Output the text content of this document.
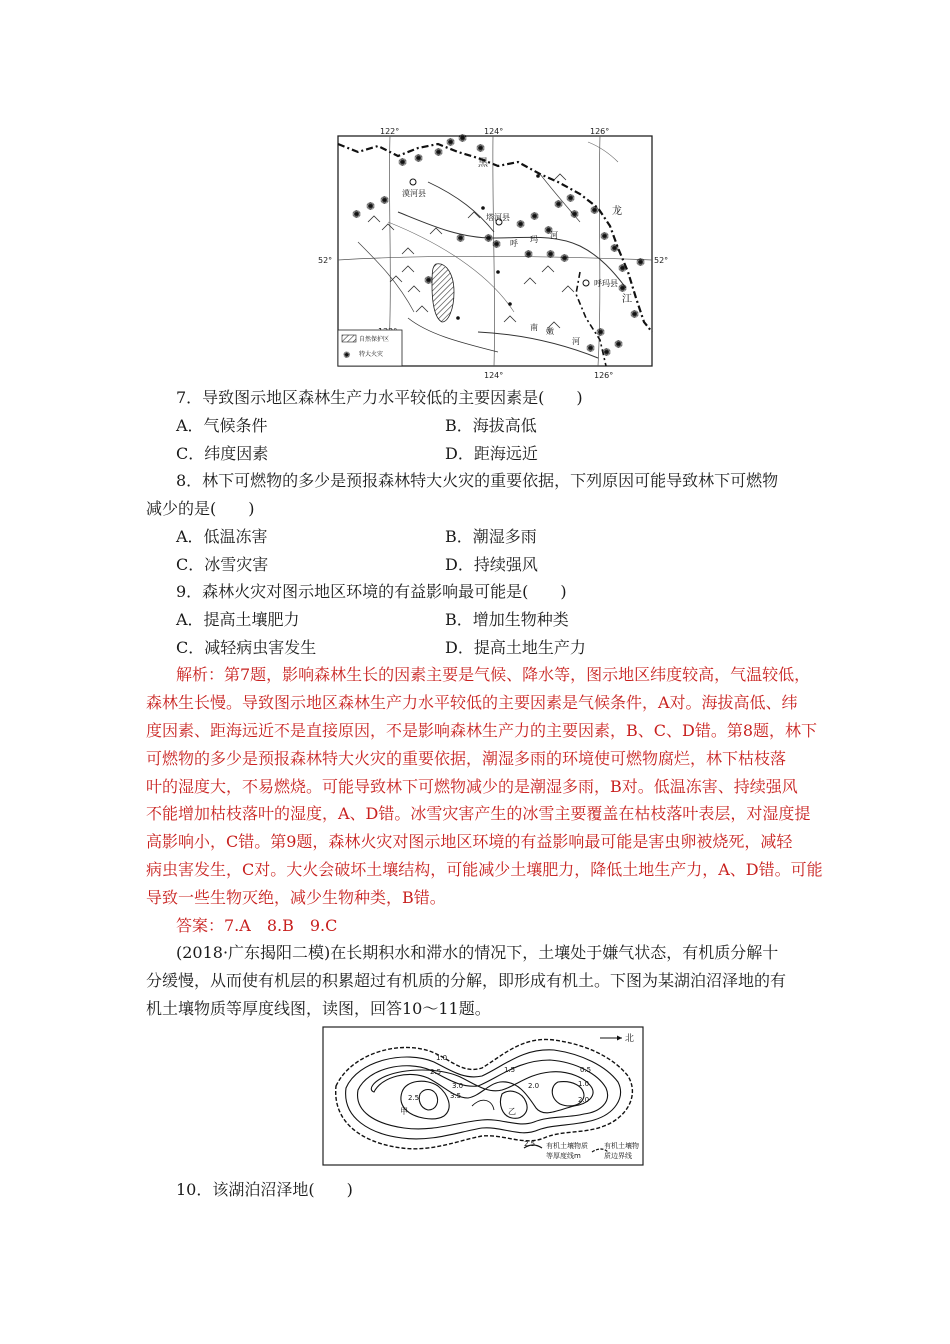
✺ ✺ ✺
✺ ✺
✺
✺
✺ ✺
✺ ✺
✺
✺
✺
✺
✺ ✺
✺ ✺
✺ ✺
✺
✺
✺
✺ ✺
✺
✺
✺
✺
✺
✺
✺
122°	124°	126°
124°	126°
52°	52°
漠河县
塔河县
呼玛县
黑
龙
江
呼 玛 河
南 嫩
河
自然保护区
✺ 特大火灾
7．导致图示地区森林生产力水平较低的主要因素是(　　)
A．气候条件	B．海拔高低
C．纬度因素	D．距海远近
8．林下可燃物的多少是预报森林特大火灾的重要依据，下列原因可能导致林下可燃物
减少的是(　　)
A．低温冻害	B．潮湿多雨
C．冰雪灾害	D．持续强风
9．森林火灾对图示地区环境的有益影响最可能是(　　)
A．提高土壤肥力	B．增加生物种类
C．减轻病虫害发生	D．提高土地生产力
解析：第7题，影响森林生长的因素主要是气候、降水等，图示地区纬度较高，气温较低，
森林生长慢。导致图示地区森林生产力水平较低的主要因素是气候条件，A对。海拔高低、纬
度因素、距海远近不是直接原因，不是影响森林生产力的主要因素，B、C、D错。第8题，林下
可燃物的多少是预报森林特大火灾的重要依据，潮湿多雨的环境使可燃物腐烂，林下枯枝落
叶的湿度大，不易燃烧。可能导致林下可燃物减少的是潮湿多雨，B对。低温冻害、持续强风
不能增加枯枝落叶的湿度，A、D错。冰雪灾害产生的冰雪主要覆盖在枯枝落叶表层，对湿度提
高影响小，C错。第9题，森林火灾对图示地区环境的有益影响最可能是害虫卵被烧死，减轻
病虫害发生，C对。大火会破坏土壤结构，可能减少土壤肥力，降低土地生产力，A、D错。可能
导致一些生物灭绝，减少生物种类，B错。
答案：7.A　8.B　9.C
(2018·广东揭阳二模)在长期积水和滞水的情况下，土壤处于嫌气状态，有机质分解十
分缓慢，从而使有机层的积累超过有机质的分解，即形成有机土。下图为某湖泊沼泽地的有
机土壤物质等厚度线图，读图，回答10～11题。
北
1.0
2.5
3.0
3.5
1.5
2.0
0.5
1.0
2.0
2.5
甲	乙
2.5 有机土壤物质
等厚度线m
有机土壤物
质边界线
10．该湖泊沼泽地(　　)
